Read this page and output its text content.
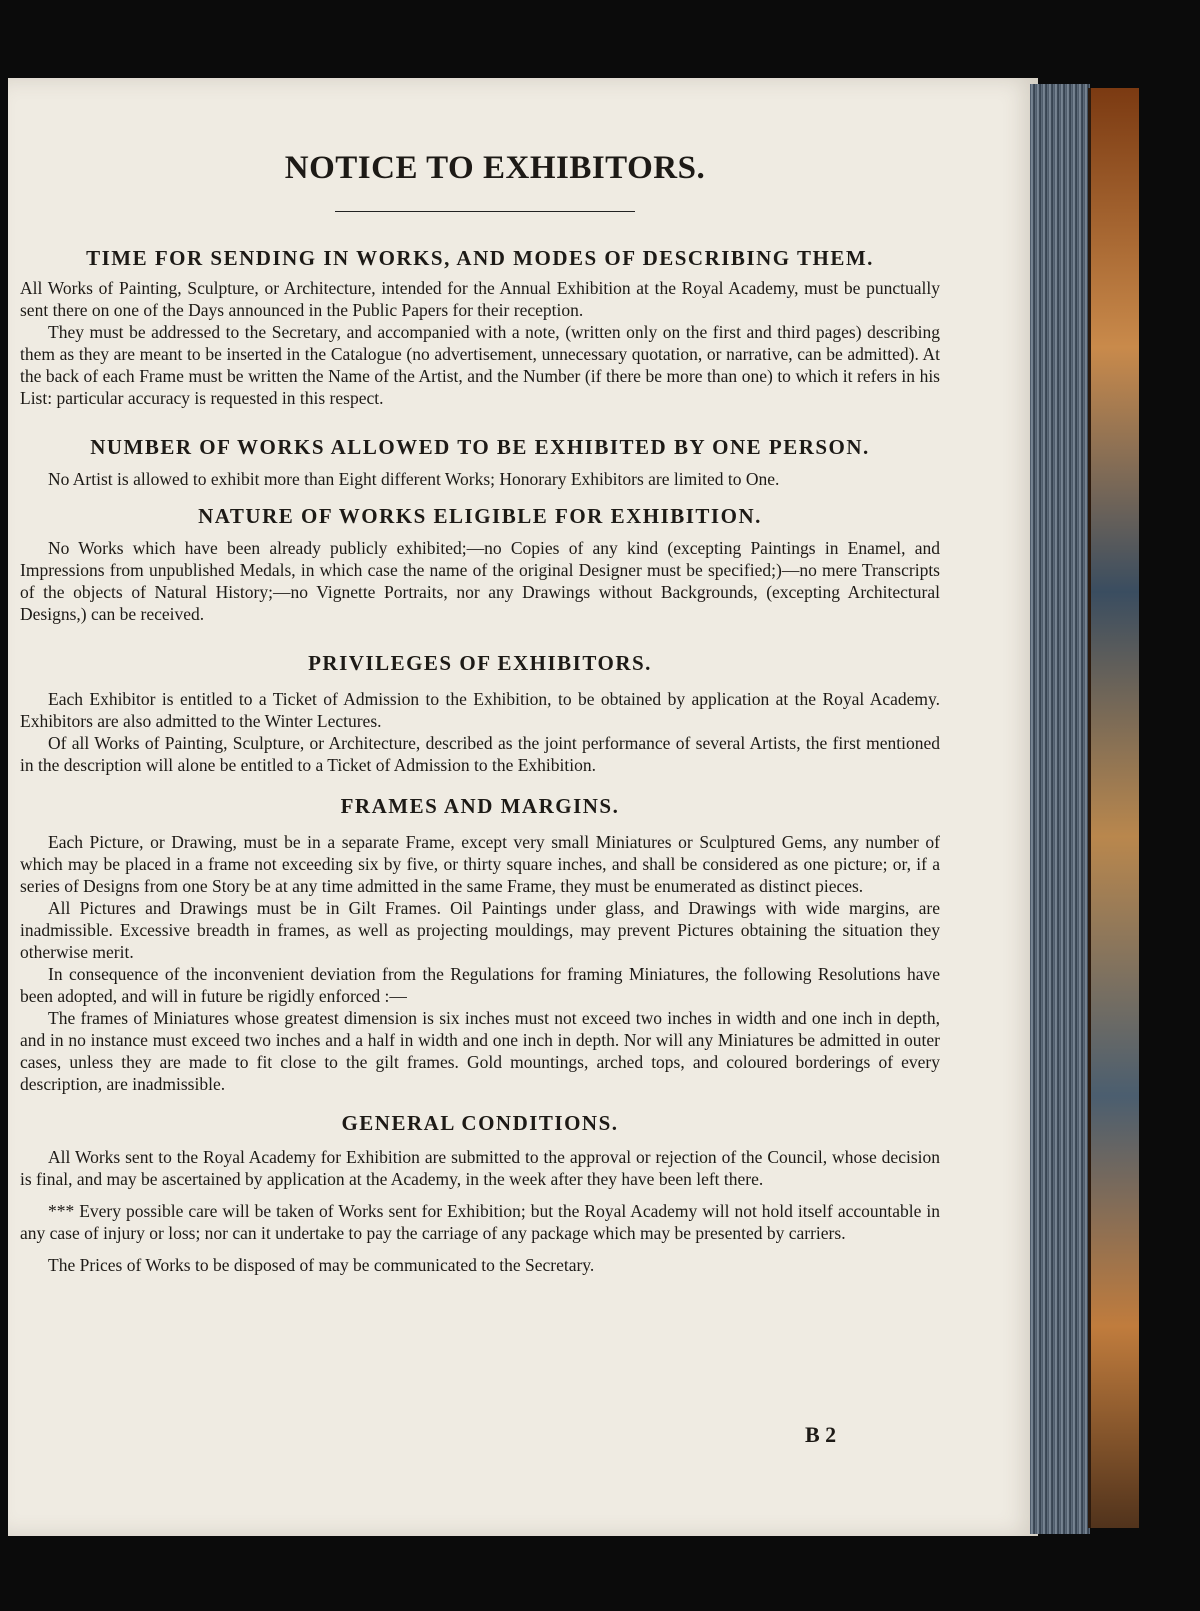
NOTICE TO EXHIBITORS.
TIME FOR SENDING IN WORKS, AND MODES OF DESCRIBING THEM.

All Works of Painting, Sculpture, or Architecture, intended for the Annual Exhibition at the Royal Academy, must be punctually sent there on one of the Days announced in the Public Papers for their reception.

They must be addressed to the Secretary, and accompanied with a note, (written only on the first and third pages) describing them as they are meant to be inserted in the Catalogue (no advertisement, unnecessary quotation, or narrative, can be admitted). At the back of each Frame must be written the Name of the Artist, and the Number (if there be more than one) to which it refers in his List: particular accuracy is requested in this respect.

NUMBER OF WORKS ALLOWED TO BE EXHIBITED BY ONE PERSON.

No Artist is allowed to exhibit more than Eight different Works; Honorary Exhibitors are limited to One.

NATURE OF WORKS ELIGIBLE FOR EXHIBITION.

No Works which have been already publicly exhibited;—no Copies of any kind (excepting Paintings in Enamel, and Impressions from unpublished Medals, in which case the name of the original Designer must be specified;)—no mere Transcripts of the objects of Natural History;—no Vignette Portraits, nor any Drawings without Backgrounds, (excepting Architectural Designs,) can be received.

PRIVILEGES OF EXHIBITORS.

Each Exhibitor is entitled to a Ticket of Admission to the Exhibition, to be obtained by application at the Royal Academy. Exhibitors are also admitted to the Winter Lectures.

Of all Works of Painting, Sculpture, or Architecture, described as the joint performance of several Artists, the first mentioned in the description will alone be entitled to a Ticket of Admission to the Exhibition.

FRAMES AND MARGINS.

Each Picture, or Drawing, must be in a separate Frame, except very small Miniatures or Sculptured Gems, any number of which may be placed in a frame not exceeding six by five, or thirty square inches, and shall be considered as one picture; or, if a series of Designs from one Story be at any time admitted in the same Frame, they must be enumerated as distinct pieces.

All Pictures and Drawings must be in Gilt Frames. Oil Paintings under glass, and Drawings with wide margins, are inadmissible. Excessive breadth in frames, as well as projecting mouldings, may prevent Pictures obtaining the situation they otherwise merit.

In consequence of the inconvenient deviation from the Regulations for framing Miniatures, the following Resolutions have been adopted, and will in future be rigidly enforced :—

The frames of Miniatures whose greatest dimension is six inches must not exceed two inches in width and one inch in depth, and in no instance must exceed two inches and a half in width and one inch in depth. Nor will any Miniatures be admitted in outer cases, unless they are made to fit close to the gilt frames. Gold mountings, arched tops, and coloured borderings of every description, are inadmissible.

GENERAL CONDITIONS.

All Works sent to the Royal Academy for Exhibition are submitted to the approval or rejection of the Council, whose decision is final, and may be ascertained by application at the Academy, in the week after they have been left there.

*** Every possible care will be taken of Works sent for Exhibition; but the Royal Academy will not hold itself accountable in any case of injury or loss; nor can it undertake to pay the carriage of any package which may be presented by carriers.

The Prices of Works to be disposed of may be communicated to the Secretary.

B 2
